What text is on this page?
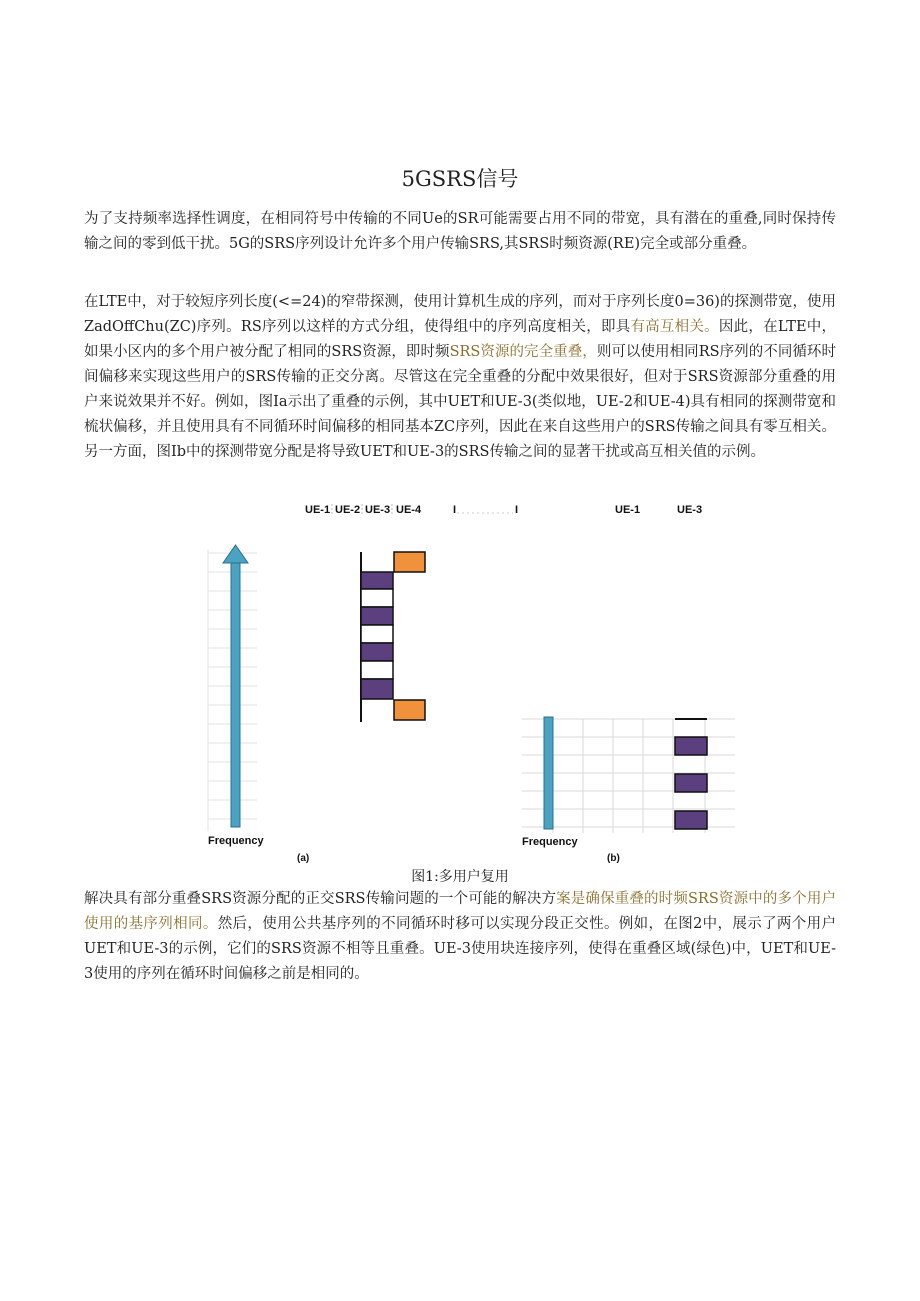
5GSRS信号

为了支持频率选择性调度，在相同符号中传输的不同Ue的SR可能需要占用不同的带宽，具有潜在的重叠,同时保持传输之间的零到低干扰。5G的SRS序列设计允许多个用户传输SRS,其SRS时频资源(RE)完全或部分重叠。

在LTE中，对于较短序列长度(<=24)的窄带探测，使用计算机生成的序列，而对于序列长度0=36)的探测带宽，使用ZadOffChu(ZC)序列。RS序列以这样的方式分组，使得组中的序列高度相关，即具有高互相关。因此，在LTE中，如果小区内的多个用户被分配了相同的SRS资源，即时频SRS资源的完全重叠，则可以使用相同RS序列的不同循环时间偏移来实现这些用户的SRS传输的正交分离。尽管这在完全重叠的分配中效果很好，但对于SRS资源部分重叠的用户来说效果并不好。例如，图Ia示出了重叠的示例，其中UET和UE-3(类似地，UE-2和UE-4)具有相同的探测带宽和梳状偏移，并且使用具有不同循环时间偏移的相同基本ZC序列，因此在来自这些用户的SRS传输之间具有零互相关。另一方面，图Ib中的探测带宽分配是将导致UET和UE-3的SRS传输之间的显著干扰或高互相关值的示例。

UE-1 UE-2 UE-3 UE-4	I	I	UE-1	UE-3
Frequency
(a)
Frequency
(b)
图1:多用户复用

解决具有部分重叠SRS资源分配的正交SRS传输问题的一个可能的解决方案是确保重叠的时频SRS资源中的多个用户使用的基序列相同。然后，使用公共基序列的不同循环时移可以实现分段正交性。例如，在图2中，展示了两个用户UET和UE-3的示例，它们的SRS资源不相等且重叠。UE-3使用块连接序列，使得在重叠区域(绿色)中，UET和UE-3使用的序列在循环时间偏移之前是相同的。
